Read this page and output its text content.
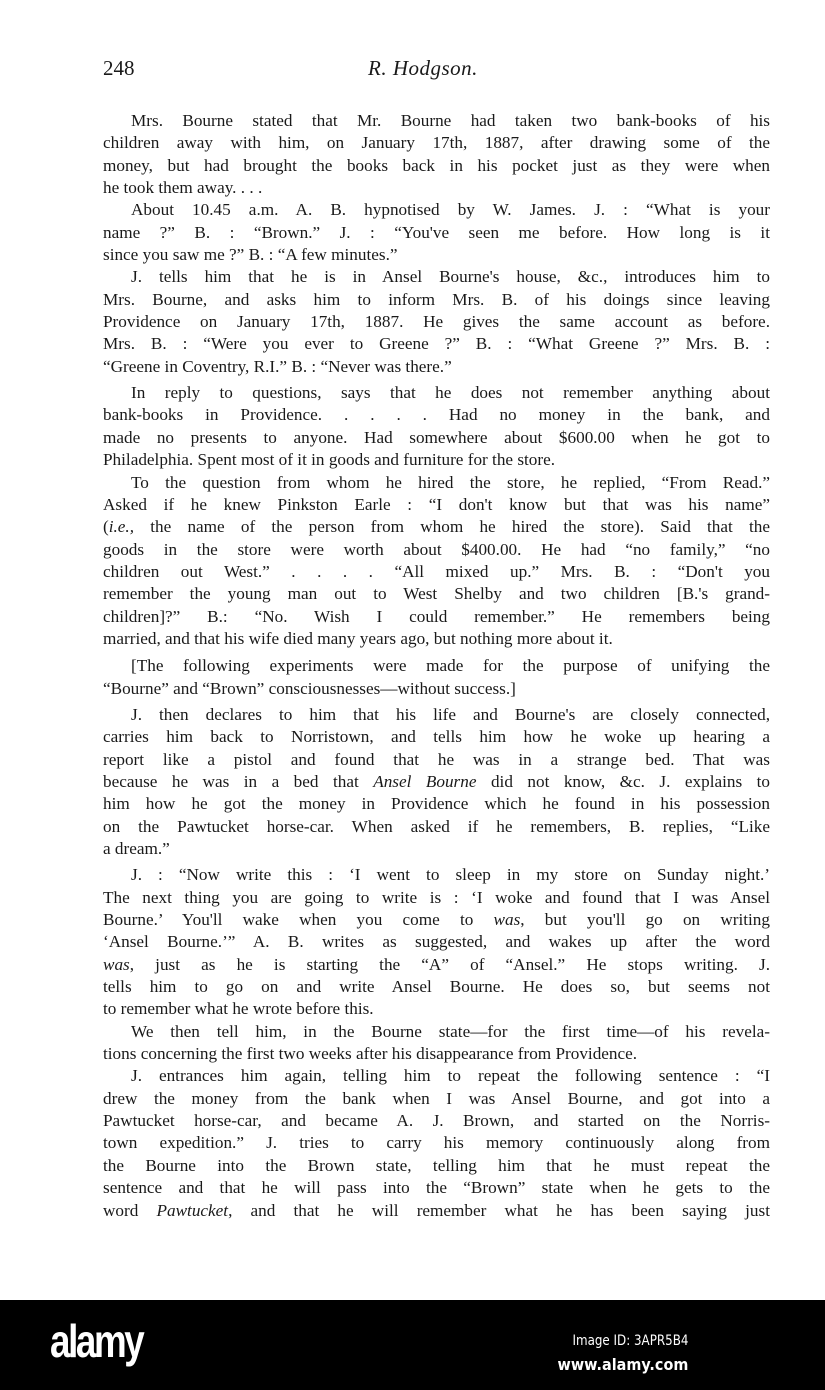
248	R. Hodgson.
Mrs. Bourne stated that Mr. Bourne had taken two bank-books of his
children away with him, on January 17th, 1887, after drawing some of the
money, but had brought the books back in his pocket just as they were when
he took them away. . . .
About 10.45 a.m. A. B. hypnotised by W. James. J. : “What is your
name ?” B. : “Brown.” J. : “You've seen me before. How long is it
since you saw me ?” B. : “A few minutes.”
J. tells him that he is in Ansel Bourne's house, &c., introduces him to
Mrs. Bourne, and asks him to inform Mrs. B. of his doings since leaving
Providence on January 17th, 1887. He gives the same account as before.
Mrs. B. : “Were you ever to Greene ?” B. : “What Greene ?” Mrs. B. :
“Greene in Coventry, R.I.” B. : “Never was there.”
In reply to questions, says that he does not remember anything about
bank-books in Providence. . . . . Had no money in the bank, and
made no presents to anyone. Had somewhere about $600.00 when he got to
Philadelphia. Spent most of it in goods and furniture for the store.
To the question from whom he hired the store, he replied, “From Read.”
Asked if he knew Pinkston Earle : “I don't know but that was his name”
(i.e., the name of the person from whom he hired the store). Said that the
goods in the store were worth about $400.00. He had “no family,” “no
children out West.” . . . . “All mixed up.” Mrs. B. : “Don't you
remember the young man out to West Shelby and two children [B.'s grand-
children]?” B.: “No. Wish I could remember.” He remembers being
married, and that his wife died many years ago, but nothing more about it.
[The following experiments were made for the purpose of unifying the
“Bourne” and “Brown” consciousnesses—without success.]
J. then declares to him that his life and Bourne's are closely connected,
carries him back to Norristown, and tells him how he woke up hearing a
report like a pistol and found that he was in a strange bed. That was
because he was in a bed that Ansel Bourne did not know, &c. J. explains to
him how he got the money in Providence which he found in his possession
on the Pawtucket horse-car. When asked if he remembers, B. replies, “Like
a dream.”
J. : “Now write this : ‘I went to sleep in my store on Sunday night.’
The next thing you are going to write is : ‘I woke and found that I was Ansel
Bourne.’ You'll wake when you come to was, but you'll go on writing
‘Ansel Bourne.’” A. B. writes as suggested, and wakes up after the word
was, just as he is starting the “A” of “Ansel.” He stops writing. J.
tells him to go on and write Ansel Bourne. He does so, but seems not
to remember what he wrote before this.
We then tell him, in the Bourne state—for the first time—of his revela-
tions concerning the first two weeks after his disappearance from Providence.
J. entrances him again, telling him to repeat the following sentence : “I
drew the money from the bank when I was Ansel Bourne, and got into a
Pawtucket horse-car, and became A. J. Brown, and started on the Norris-
town expedition.” J. tries to carry his memory continuously along from
the Bourne into the Brown state, telling him that he must repeat the
sentence and that he will pass into the “Brown” state when he gets to the
word Pawtucket, and that he will remember what he has been saying just
alamy	Image ID: 3APR5B4
www.alamy.com
